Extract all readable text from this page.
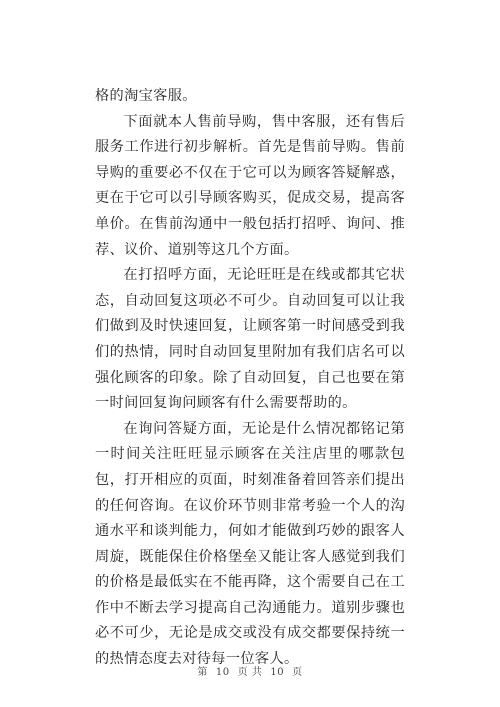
格的淘宝客服。

下面就本人售前导购，售中客服，还有售后服务工作进行初步解析。首先是售前导购。售前导购的重要必不仅在于它可以为顾客答疑解惑，更在于它可以引导顾客购买，促成交易，提高客单价。在售前沟通中一般包括打招呼、询问、推荐、议价、道别等这几个方面。

在打招呼方面，无论旺旺是在线或都其它状态，自动回复这项必不可少。自动回复可以让我们做到及时快速回复，让顾客第一时间感受到我们的热情，同时自动回复里附加有我们店名可以强化顾客的印象。除了自动回复，自己也要在第一时间回复询问顾客有什么需要帮助的。

在询问答疑方面，无论是什么情况都铭记第一时间关注旺旺显示顾客在关注店里的哪款包包，打开相应的页面，时刻准备着回答亲们提出的任何咨询。在议价环节则非常考验一个人的沟通水平和谈判能力，何如才能做到巧妙的跟客人周旋，既能保住价格堡垒又能让客人感觉到我们的价格是最低实在不能再降，这个需要自己在工作中不断去学习提高自己沟通能力。道别步骤也必不可少，无论是成交或没有成交都要保持统一的热情态度去对待每一位客人。

第 10 页 共 10 页
